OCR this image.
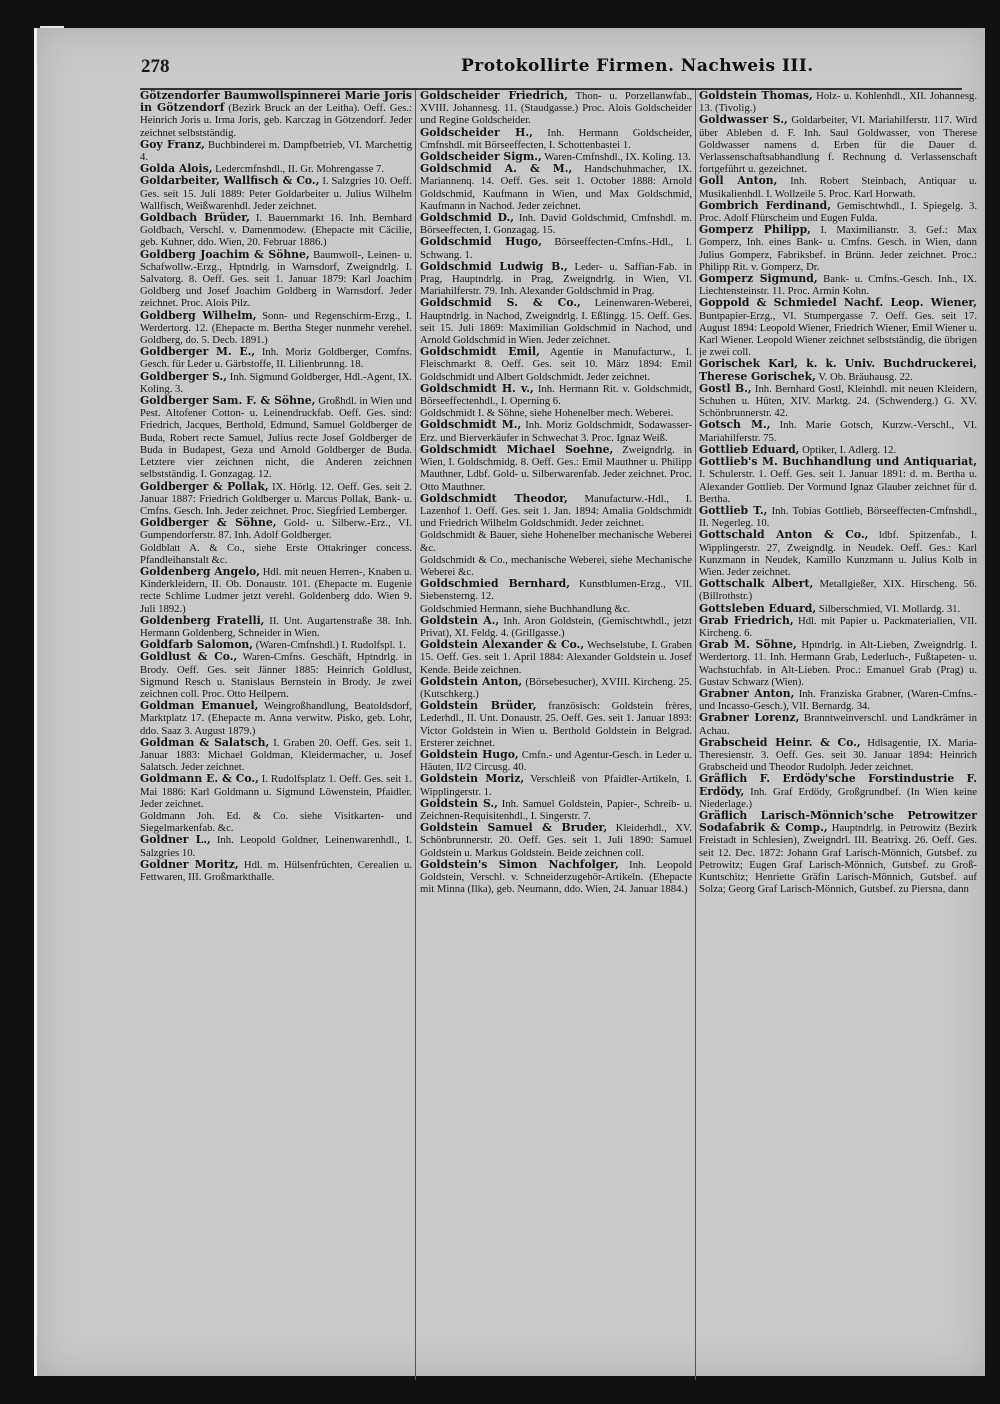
278	Protokollirte Firmen. Nachweis III.
Götzendorfer Baumwollspinnerei Marie Joris in Götzendorf (Bezirk Bruck an der Leitha). Oeff. Ges.: Heinrich Joris u. Irma Joris, geb. Karczag in Götzendorf. Jeder zeichnet selbstständig.
Goy Franz, Buchbinderei m. Dampfbetrieb, VI. Marchettig 4.
Golda Alois, Ledercmfnshdl., II. Gr. Mohrengasse 7.
Goldarbeiter, Wallfisch & Co., I. Salzgries 10. Oeff. Ges. seit 15. Juli 1889: Peter Goldarbeiter u. Julius Wilhelm Wallfisch, Weißwarenhdl. Jeder zeichnet.
Goldbach Brüder, I. Bauernmarkt 16. Inh. Bernhard Goldbach, Verschl. v. Damenmodew. (Ehepacte mit Cäcilie, geb. Kuhner, ddo. Wien, 20. Februar 1886.)
Goldberg Joachim & Söhne, Baumwoll-, Leinen- u. Schafwollw.-Erzg., Hptndrlg. in Warnsdorf, Zweigndrlg. I. Salvatorg. 8. Oeff. Ges. seit 1. Januar 1879: Karl Joachim Goldberg und Josef Joachim Goldberg in Warnsdorf. Jeder zeichnet. Proc. Alois Pilz.
Goldberg Wilhelm, Sonn- und Regenschirm-Erzg., I. Werdertorg. 12. (Ehepacte m. Bertha Steger nunmehr verehel. Goldberg, do. 5. Decb. 1891.)
Goldberger M. E., Inh. Moriz Goldberger, Comfns. Gesch. für Leder u. Gärbstoffe, II. Lilienbrunng. 18.
Goldberger S., Inh. Sigmund Goldberger, Hdl.-Agent, IX. Koling. 3.
Goldberger Sam. F. & Söhne, Großhdl. in Wien und Pest. Altofener Cotton- u. Leinendruckfab. Oeff. Ges. sind: Friedrich, Jacques, Berthold, Edmund, Samuel Goldberger de Buda, Robert recte Samuel, Julius recte Josef Goldberger de Buda in Budapest, Geza und Arnold Goldberger de Buda. Letztere vier zeichnen nicht, die Anderen zeichnen selbstständig. I. Gonzagag. 12.
Goldberger & Pollak, IX. Hörlg. 12. Oeff. Ges. seit 2. Januar 1887: Friedrich Goldberger u. Marcus Pollak, Bank- u. Cmfns. Gesch. Inh. Jeder zeichnet. Proc. Siegfried Lemberger.
Goldberger & Söhne, Gold- u. Silberw.-Erz., VI. Gumpendorferstr. 87. Inh. Adolf Goldberger.
Goldblatt A. & Co., siehe Erste Ottakringer concess. Pfandleihanstalt &c.
Goldenberg Angelo, Hdl. mit neuen Herren-, Knaben u. Kinderkleidern, II. Ob. Donaustr. 101. (Ehepacte m. Eugenie recte Schlime Ludmer jetzt verehl. Goldenberg ddo. Wien 9. Juli 1892.)
Goldenberg Fratelli, II. Unt. Augartenstraße 38. Inh. Hermann Goldenberg, Schneider in Wien.
Goldfarb Salomon, (Waren-Cmfnshdl.) I. Rudolfspl. 1.
Goldlust & Co., Waren-Cmfns. Geschäft, Hptndrlg. in Brody. Oeff. Ges. seit Jänner 1885: Heinrich Goldlust, Sigmund Resch u. Stanislaus Bernstein in Brody. Je zwei zeichnen coll. Proc. Otto Heilpern.
Goldman Emanuel, Weingroßhandlung, Beatoldsdorf, Marktplatz 17. (Ehepacte m. Anna verwitw. Pisko, geb. Lohr, ddo. Saaz 3. August 1879.)
Goldman & Salatsch, I. Graben 20. Oeff. Ges. seit 1. Januar 1883: Michael Goldman, Kleidermacher, u. Josef Salatsch. Jeder zeichnet.
Goldmann E. & Co., I. Rudolfsplatz 1. Oeff. Ges. seit 1. Mai 1886: Karl Goldmann u. Sigmund Löwenstein, Pfaidler. Jeder zeichnet.
Goldmann Joh. Ed. & Co. siehe Visitkarten- und Siegelmarkenfab. &c.
Goldner L., Inh. Leopold Goldner, Leinenwarenhdl., I. Salzgries 10.
Goldner Moritz, Hdl. m. Hülsenfrüchten, Cerealien u. Fettwaren, III. Großmarkthalle.
Goldscheider Friedrich, Thon- u. Porzellanwfab., XVIII. Johannesg. 11. (Staudgasse.) Proc. Alois Goldscheider und Regine Goldscheider.
Goldscheider H., Inh. Hermann Goldscheider, Cmfnshdl. mit Börseeffecten, I. Schottenbastei 1.
Goldscheider Sigm., Waren-Cmfnshdl., IX. Koling. 13.
Goldschmid A. & M., Handschuhmacher, IX. Mariannenq. 14. Oeff. Ges. seit 1. October 1888: Arnold Goldschmid, Kaufmann in Wien, und Max Goldschmid, Kaufmann in Nachod. Jeder zeichnet.
Goldschmid D., Inh. David Goldschmid, Cmfnshdl. m. Börseeffecten, I. Gonzagag. 15.
Goldschmid Hugo, Börseeffecten-Cmfns.-Hdl., I. Schwang. 1.
Goldschmid Ludwig B., Leder- u. Saffian-Fab. in Prag, Hauptndrlg. in Prag, Zweigndrlg. in Wien, VI. Mariahilferstr. 79. Inh. Alexander Goldschmid in Prag.
Goldschmid S. & Co., Leinenwaren-Weberei, Hauptndrlg. in Nachod, Zweigndrlg. I. Eßlingg. 15. Oeff. Ges. seit 15. Juli 1869: Maximilian Goldschmid in Nachod, und Arnold Goldschmid in Wien. Jeder zeichnet.
Goldschmidt Emil, Agentie in Manufacturw., I. Fleischmarkt 8. Oeff. Ges. seit 10. März 1894: Emil Goldschmidt und Albert Goldschmidt. Jeder zeichnet.
Goldschmidt H. v., Inh. Hermann Rit. v. Goldschmidt, Börseeffectenhdl., I. Operning 6.
Goldschmidt I. & Söhne, siehe Hohenelber mech. Weberei.
Goldschmidt M., Inh. Moriz Goldschmidt, Sodawasser-Erz. und Bierverkäufer in Schwechat 3. Proc. Ignaz Weiß.
Goldschmidt Michael Soehne, Zweigndrlg. in Wien, I. Goldschmidg. 8. Oeff. Ges.: Emil Mauthner u. Philipp Mauthner, Ldbf. Gold- u. Silberwarenfab. Jeder zeichnet. Proc. Otto Mauthner.
Goldschmidt Theodor, Manufacturw.-Hdl., I. Lazenhof 1. Oeff. Ges. seit 1. Jan. 1894: Amalia Goldschmidt und Friedrich Wilhelm Goldschmidt. Jeder zeichnet.
Goldschmidt & Bauer, siehe Hohenelber mechanische Weberei &c.
Goldschmidt & Co., mechanische Weberei, siehe Mechanische Weberei &c.
Goldschmied Bernhard, Kunstblumen-Erzg., VII. Siebensterng. 12.
Goldschmied Hermann, siehe Buchhandlung &c.
Goldstein A., Inh. Aron Goldstein, (Gemischtwhdl., jetzt Privat), XI. Feldg. 4. (Grillgasse.)
Goldstein Alexander & Co., Wechselstube, I. Graben 15. Oeff. Ges. seit 1. April 1884: Alexander Goldstein u. Josef Kende. Beide zeichnen.
Goldstein Anton, (Börsebesucher), XVIII. Kircheng. 25. (Kutschkerg.)
Goldstein Brüder, französisch: Goldstein frères, Lederhdl., II. Unt. Donaustr. 25. Oeff. Ges. seit 1. Januar 1893: Victor Goldstein in Wien u. Berthold Goldstein in Belgrad. Ersterer zeichnet.
Goldstein Hugo, Cmfn.- und Agentur-Gesch. in Leder u. Häuten, II/2 Circusg. 40.
Goldstein Moriz, Verschleiß von Pfaidler-Artikeln, I. Wipplingerstr. 1.
Goldstein S., Inh. Samuel Goldstein, Papier-, Schreib- u. Zeichnen-Requisitenhdl., I. Singerstr. 7.
Goldstein Samuel & Bruder, Kleiderhdl., XV. Schönbrunnerstr. 20. Oeff. Ges. seit 1. Juli 1890: Samuel Goldstein u. Markus Goldstein. Beide zeichnen coll.
Goldstein's Simon Nachfolger, Inh. Leopold Goldstein, Verschl. v. Schneiderzugehör-Artikeln. (Ehepacte mit Minna (Ilka), geb. Neumann, ddo. Wien, 24. Januar 1884.)
Goldstein Thomas, Holz- u. Kohlenhdl., XII. Johannesg. 13. (Tivolig.)
Goldwasser S., Goldarbeiter, VI. Mariahilferstr. 117. Wird über Ableben d. F. Inh. Saul Goldwasser, von Therese Goldwasser namens d. Erben für die Dauer d. Verlassenschaftsabhandlung f. Rechnung d. Verlassenschaft fortgeführt u. gezeichnet.
Goll Anton, Inh. Robert Steinbach, Antiquar u. Musikalienhdl. I. Wollzeile 5. Proc. Karl Horwath.
Gombrich Ferdinand, Gemischtwhdl., I. Spiegelg. 3. Proc. Adolf Flürscheim und Eugen Fulda.
Gomperz Philipp, I. Maximilianstr. 3. Gef.: Max Gomperz, Inh. eines Bank- u. Cmfns. Gesch. in Wien, dann Julius Gomperz, Fabriksbef. in Brünn. Jeder zeichnet. Proc.: Philipp Rit. v. Gomperz, Dr.
Gomperz Sigmund, Bank- u. Cmfns.-Gesch. Inh., IX. Liechtensteinstr. 11. Proc. Armin Kohn.
Goppold & Schmiedel Nachf. Leop. Wiener, Buntpapier-Erzg., VI. Stumpergasse 7. Oeff. Ges. seit 17. August 1894: Leopold Wiener, Friedrich Wiener, Emil Wiener u. Karl Wiener. Leopold Wiener zeichnet selbstständig, die übrigen je zwei coll.
Gorischek Karl, k. k. Univ. Buchdruckerei, Therese Gorischek, V. Ob. Bräuhausg. 22.
Gostl B., Inh. Bernhard Gostl, Kleinhdl. mit neuen Kleidern, Schuhen u. Hüten, XIV. Marktg. 24. (Schwenderg.) G. XV. Schönbrunnerstr. 42.
Gotsch M., Inh. Marie Gotsch, Kurzw.-Verschl., VI. Mariahilferstr. 75.
Gottlieb Eduard, Optiker, I. Adlerg. 12.
Gottlieb's M. Buchhandlung und Antiquariat, I. Schulerstr. 1. Oeff. Ges. seit 1. Januar 1891: d. m. Bertha u. Alexander Gottlieb. Der Vormund Ignaz Glauber zeichnet für d. Bertha.
Gottlieb T., Inh. Tobias Gottlieb, Börseeffecten-Cmfnshdl., II. Negerleg. 10.
Gottschald Anton & Co., ldbf. Spitzenfab., I. Wipplingerstr. 27, Zweigndlg. in Neudek. Oeff. Ges.: Karl Kunzmann in Neudek, Kamillo Kunzmann u. Julius Kolb in Wien. Jeder zeichnet.
Gottschalk Albert, Metallgießer, XIX. Hirscheng. 56. (Billrothstr.)
Gottsleben Eduard, Silberschmied, VI. Mollardg. 31.
Grab Friedrich, Hdl. mit Papier u. Packmaterialien, VII. Kircheng. 6.
Grab M. Söhne, Hptndrlg. in Alt-Lieben, Zweigndrlg. I. Werdertorg. 11. Inh. Hermann Grab, Lederluch-, Fußtapeten- u. Wachstuchfab. in Alt-Lieben. Proc.: Emanuel Grab (Prag) u. Gustav Schwarz (Wien).
Grabner Anton, Inh. Franziska Grabner, (Waren-Cmfns.- und Incasso-Gesch.), VII. Bernardg. 34.
Grabner Lorenz, Branntweinverschl. und Landkrämer in Achau.
Grabscheid Heinr. & Co., Hdlsagentie, IX. Maria-Theresienstr. 3. Oeff. Ges. seit 30. Januar 1894: Heinrich Grabscheid und Theodor Rudolph. Jeder zeichnet.
Gräflich F. Erdödy'sche Forstindustrie F. Erdödy, Inh. Graf Erdödy, Großgrundbef. (In Wien keine Niederlage.)
Gräflich Larisch-Mönnich'sche Petrowitzer Sodafabrik & Comp., Hauptndrlg. in Petrowitz (Bezirk Freistadt in Schlesien), Zweigndrl. III. Beatrixg. 26. Oeff. Ges. seit 12. Dec. 1872: Johann Graf Larisch-Mönnich, Gutsbef. zu Petrowitz; Eugen Graf Larisch-Mönnich, Gutsbef. zu Groß-Kuntschitz; Henriette Gräfin Larisch-Mönnich, Gutsbef. auf Solza; Georg Graf Larisch-Mönnich, Gutsbef. zu Piersna, dann
